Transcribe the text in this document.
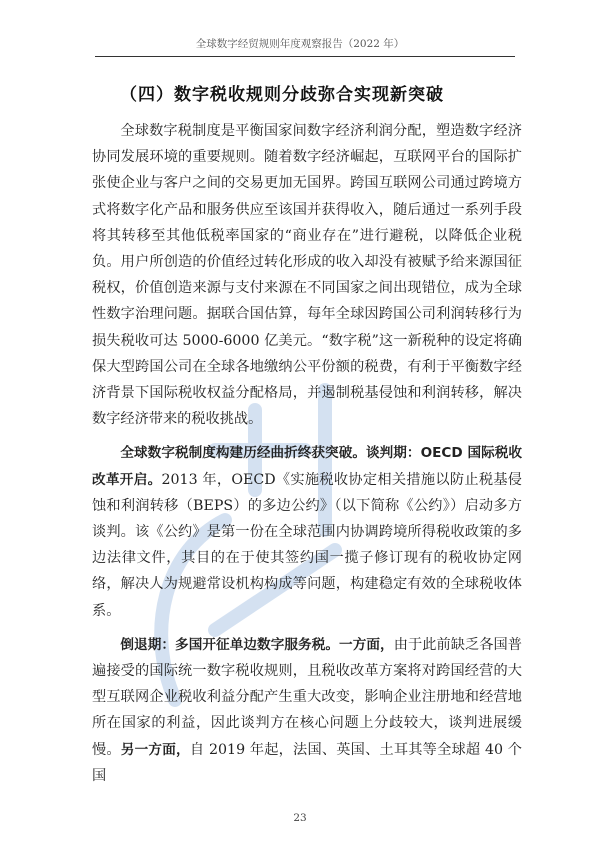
全球数字经贸规则年度观察报告（2022 年）
（四）数字税收规则分歧弥合实现新突破

全球数字税制度是平衡国家间数字经济利润分配，塑造数字经济协同发展环境的重要规则。随着数字经济崛起，互联网平台的国际扩张使企业与客户之间的交易更加无国界。跨国互联网公司通过跨境方式将数字化产品和服务供应至该国并获得收入，随后通过一系列手段将其转移至其他低税率国家的“商业存在”进行避税，以降低企业税负。用户所创造的价值经过转化形成的收入却没有被赋予给来源国征税权，价值创造来源与支付来源在不同国家之间出现错位，成为全球性数字治理问题。据联合国估算，每年全球因跨国公司利润转移行为损失税收可达 5000-6000 亿美元。“数字税”这一新税种的设定将确保大型跨国公司在全球各地缴纳公平份额的税费，有利于平衡数字经济背景下国际税收权益分配格局，并遏制税基侵蚀和利润转移，解决数字经济带来的税收挑战。

全球数字税制度构建历经曲折终获突破。谈判期：OECD 国际税收改革开启。2013 年，OECD《实施税收协定相关措施以防止税基侵蚀和利润转移（BEPS）的多边公约》（以下简称《公约》）启动多方谈判。该《公约》是第一份在全球范围内协调跨境所得税收政策的多边法律文件，其目的在于使其签约国一揽子修订现有的税收协定网络，解决人为规避常设机构构成等问题，构建稳定有效的全球税收体系。

倒退期：多国开征单边数字服务税。一方面，由于此前缺乏各国普遍接受的国际统一数字税收规则，且税收改革方案将对跨国经营的大型互联网企业税收利益分配产生重大改变，影响企业注册地和经营地所在国家的利益，因此谈判方在核心问题上分歧较大，谈判进展缓慢。另一方面，自 2019 年起，法国、英国、土耳其等全球超 40 个国

23
